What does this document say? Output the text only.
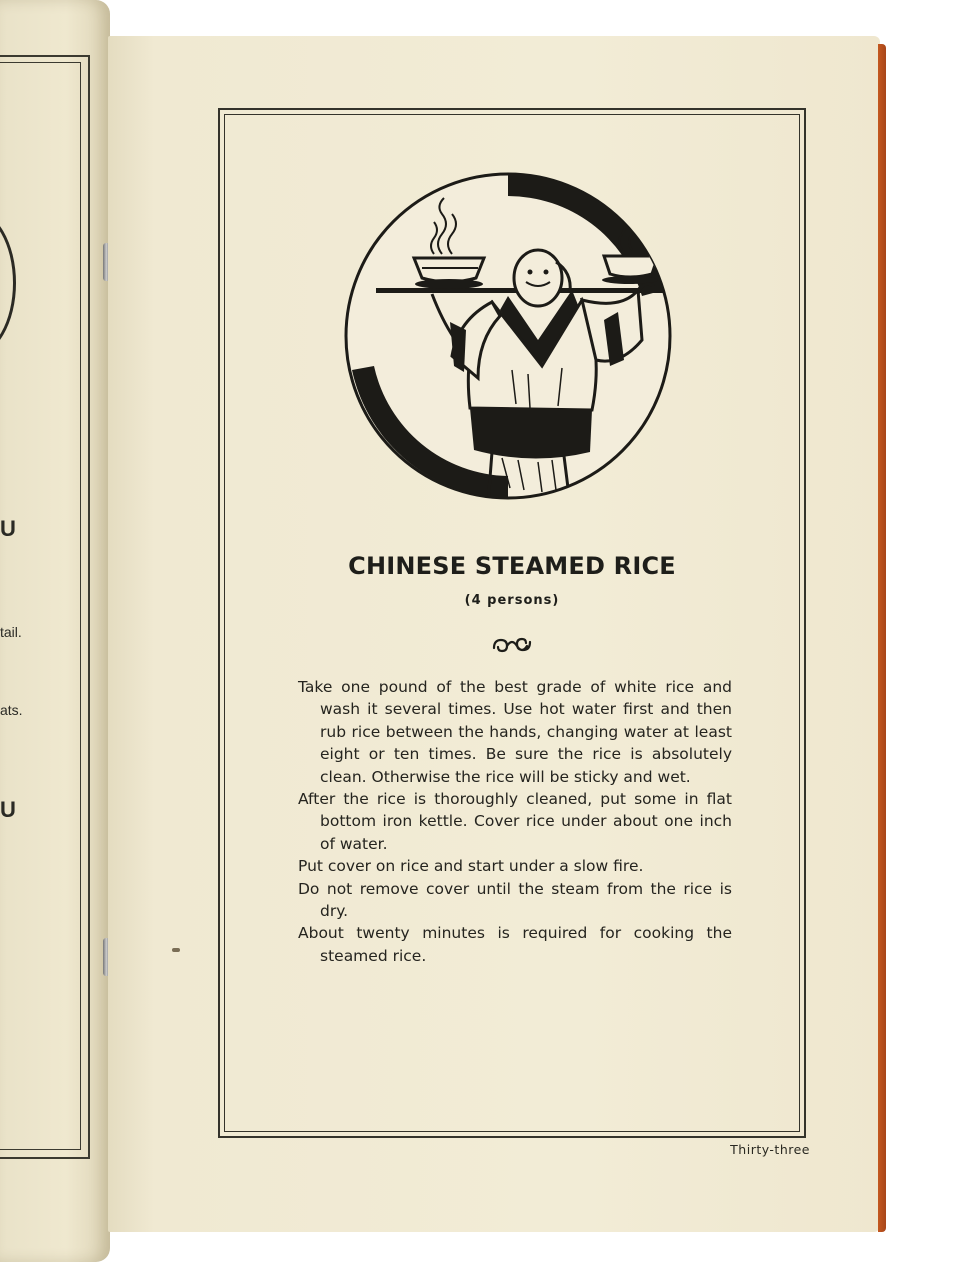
U
tail.
ats.
U
CHINESE STEAMED RICE
(4 persons)
Take one pound of the best grade of white rice and wash it several times. Use hot water first and then rub rice between the hands, changing water at least eight or ten times. Be sure the rice is absolutely clean. Otherwise the rice will be sticky and wet.
After the rice is thoroughly cleaned, put some in flat bottom iron kettle. Cover rice under about one inch of water.
Put cover on rice and start under a slow fire.
Do not remove cover until the steam from the rice is dry.
About twenty minutes is required for cooking the steamed rice.
Thirty-three
